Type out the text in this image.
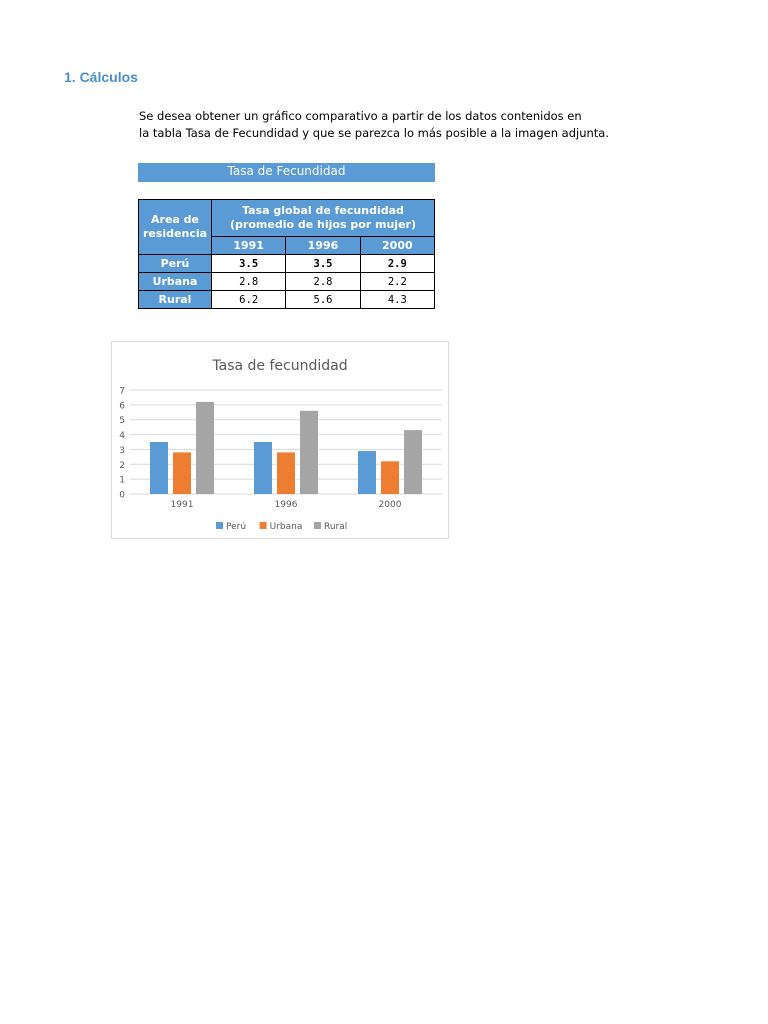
1. Cálculos
Se desea obtener un gráfico comparativo a partir de los datos contenidos en
la tabla Tasa de Fecundidad y que se parezca lo más posible a la imagen adjunta.
Tasa de Fecundidad
Area de residencia	Tasa global de fecundidad (promedio de hijos por mujer)		
	1991	1996	2000
Perú	3.5	3.5	2.9
Urbana	2.8	2.8	2.2
Rural	6.2	5.6	4.3
Tasa de fecundidad
0
1
2
3
4
5
6
7
1991	1996	2000
Perú	Urbana Rural
